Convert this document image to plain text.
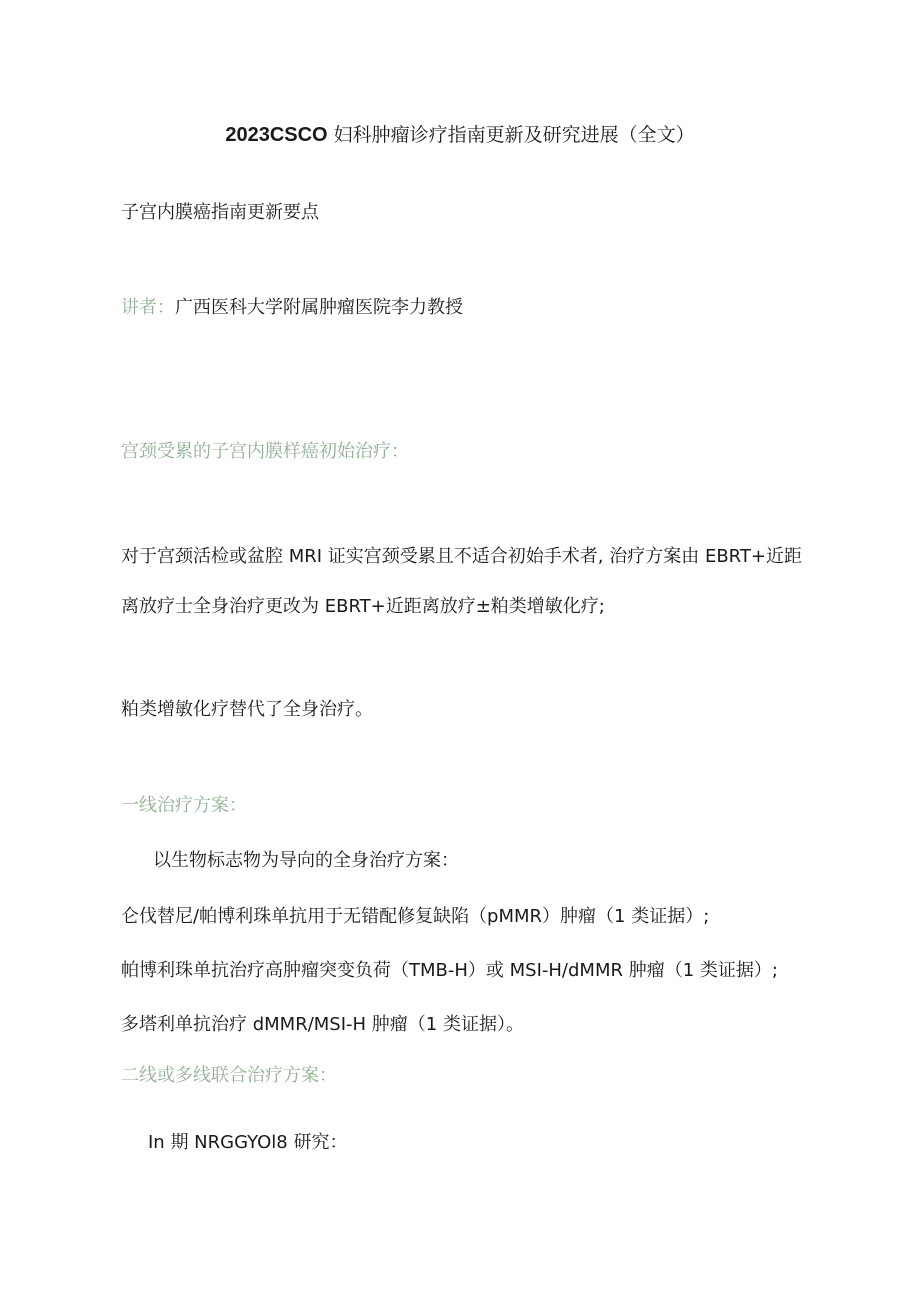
2023CSCO 妇科肿瘤诊疗指南更新及研究进展（全文）
子宫内膜癌指南更新要点
讲者：广西医科大学附属肿瘤医院李力教授
宫颈受累的子宫内膜样癌初始治疗：
对于宫颈活检或盆腔 MRI 证实宫颈受累且不适合初始手术者, 治疗方案由 EBRT+近距
离放疗士全身治疗更改为 EBRT+近距离放疗±粕类增敏化疗;
粕类增敏化疗替代了全身治疗。
一线治疗方案：
以生物标志物为导向的全身治疗方案：
仑伐替尼/帕博利珠单抗用于无错配修复缺陷（pMMR）肿瘤（1 类证据）;
帕博利珠单抗治疗高肿瘤突变负荷（TMB-H）或 MSI-H/dMMR 肿瘤（1 类证据）;
多塔利单抗治疗 dMMR/MSI-H 肿瘤（1 类证据）。
二线或多线联合治疗方案：
In 期 NRGGYOl8 研究：
